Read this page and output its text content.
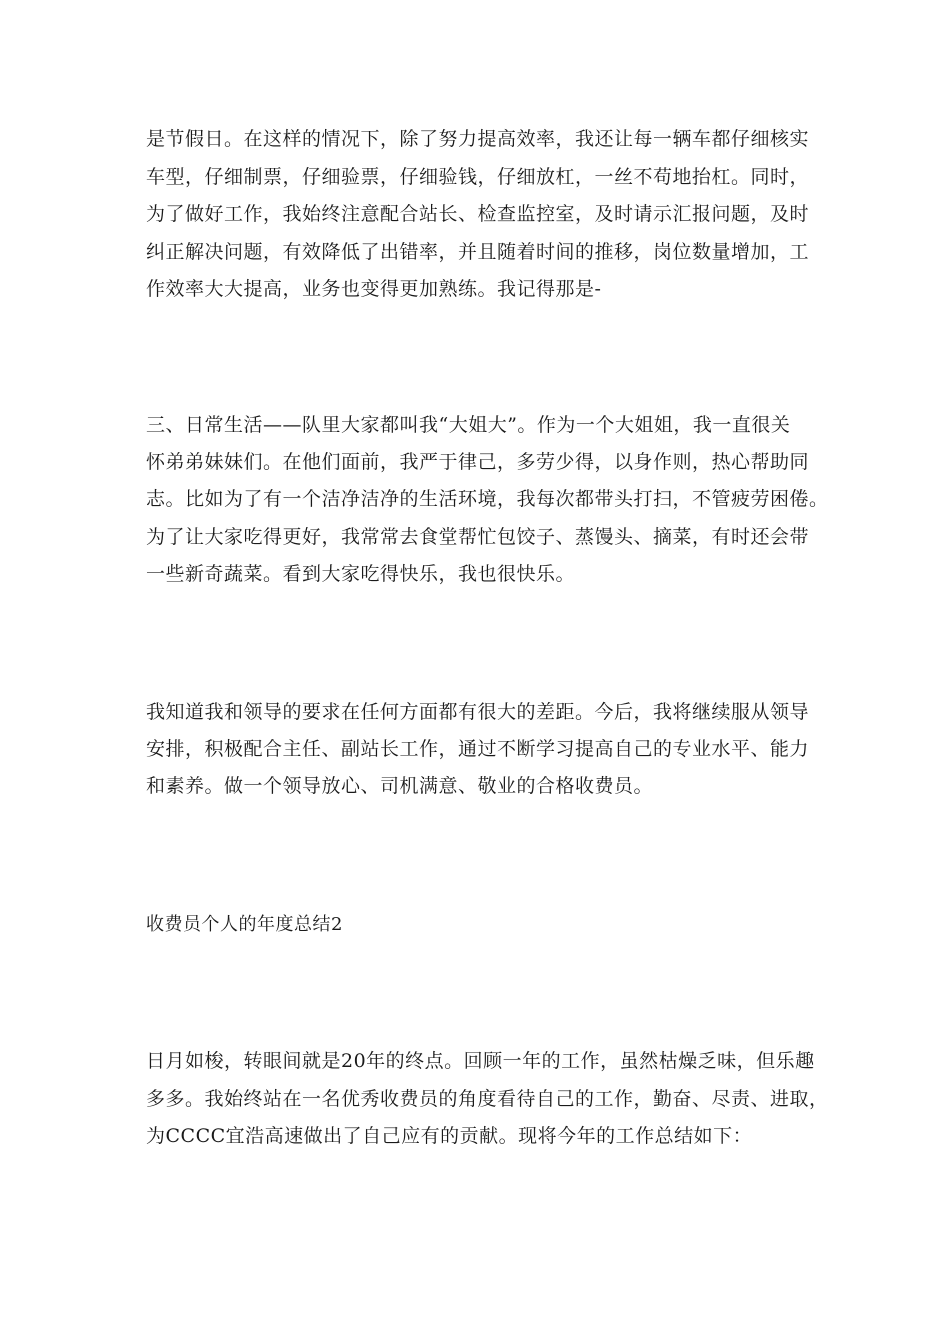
是节假日。在这样的情况下，除了努力提高效率，我还让每一辆车都仔细核实
车型，仔细制票，仔细验票，仔细验钱，仔细放杠，一丝不苟地抬杠。同时，
为了做好工作，我始终注意配合站长、检查监控室，及时请示汇报问题，及时
纠正解决问题，有效降低了出错率，并且随着时间的推移，岗位数量增加，工
作效率大大提高，业务也变得更加熟练。我记得那是-
三、日常生活——队里大家都叫我“大姐大”。作为一个大姐姐，我一直很关
怀弟弟妹妹们。在他们面前，我严于律己，多劳少得，以身作则，热心帮助同
志。比如为了有一个洁净洁净的生活环境，我每次都带头打扫，不管疲劳困倦。
为了让大家吃得更好，我常常去食堂帮忙包饺子、蒸馒头、摘菜，有时还会带
一些新奇蔬菜。看到大家吃得快乐，我也很快乐。
我知道我和领导的要求在任何方面都有很大的差距。今后，我将继续服从领导
安排，积极配合主任、副站长工作，通过不断学习提高自己的专业水平、能力
和素养。做一个领导放心、司机满意、敬业的合格收费员。
收费员个人的年度总结2
日月如梭，转眼间就是20年的终点。回顾一年的工作，虽然枯燥乏味，但乐趣
多多。我始终站在一名优秀收费员的角度看待自己的工作，勤奋、尽责、进取，
为CCCC宜浩高速做出了自己应有的贡献。现将今年的工作总结如下：
